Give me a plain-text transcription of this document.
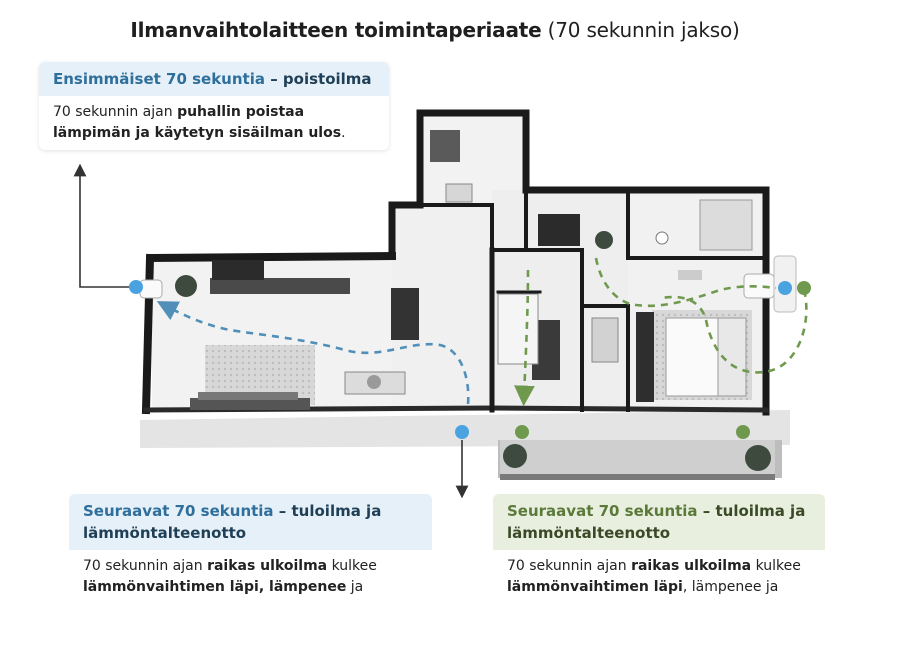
Ilmanvaihtolaitteen toimintaperiaate (70 sekunnin jakso)
Ensimmäiset 70 sekuntia – poistoilma
70 sekunnin ajan puhallin poistaa
lämpimän ja käytetyn sisäilman ulos.
Seuraavat 70 sekuntia – tuloilma ja lämmöntalteenotto
70 sekunnin ajan raikas ulkoilma kulkee
lämmönvaihtimen läpi, lämpenee ja
Seuraavat 70 sekuntia – tuloilma ja lämmöntalteenotto
70 sekunnin ajan raikas ulkoilma kulkee
lämmönvaihtimen läpi, lämpenee ja
